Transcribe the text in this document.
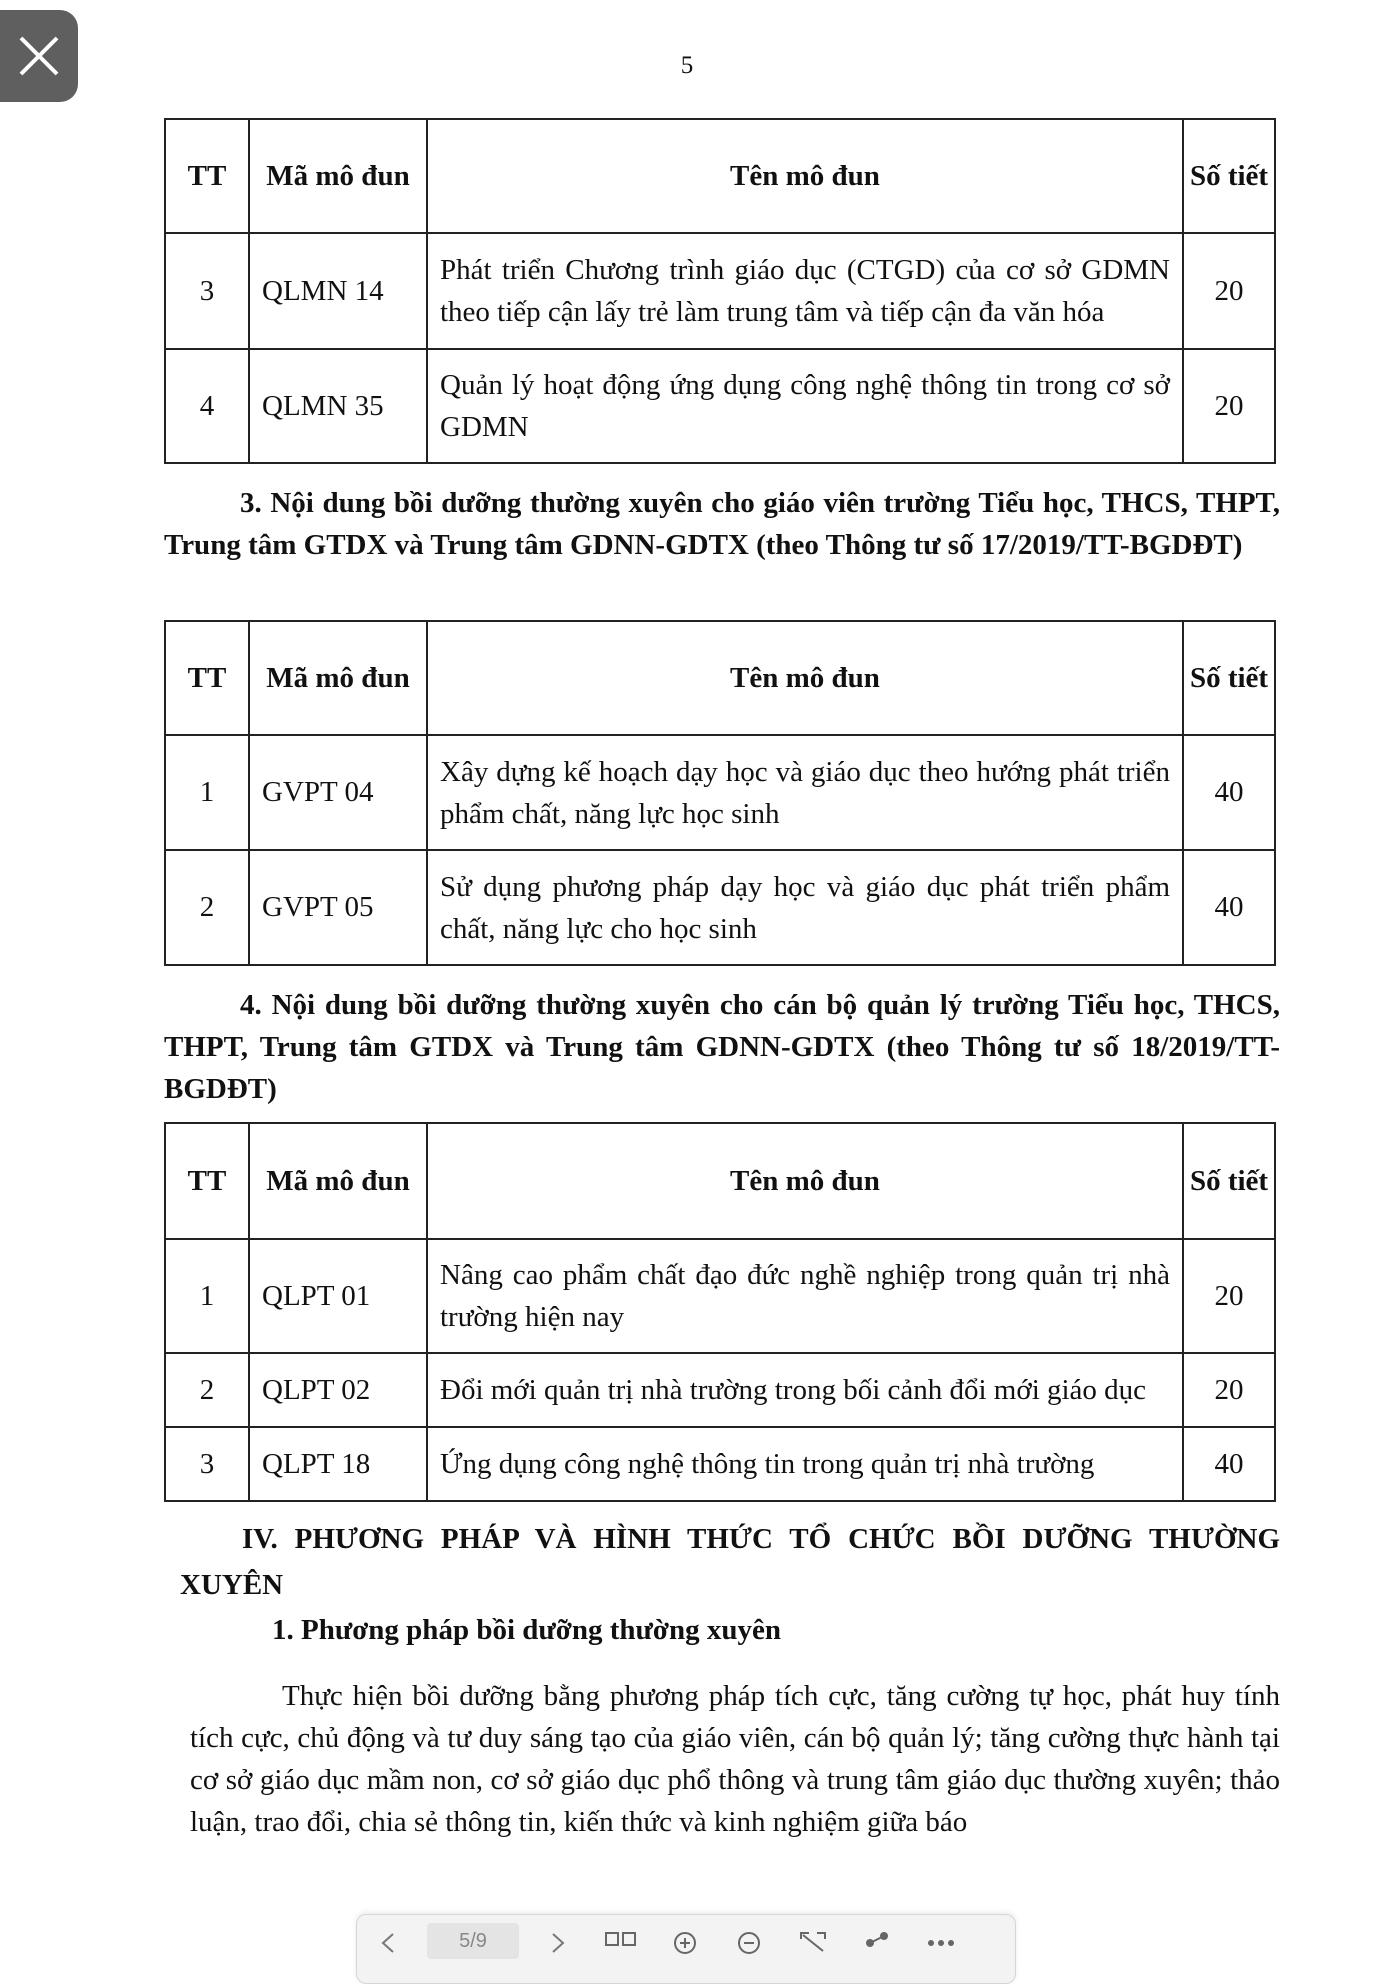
5
TT	Mã mô đun	Tên mô đun	Số tiết
3	QLMN 14	Phát triển Chương trình giáo dục (CTGD) của cơ sở GDMN theo tiếp cận lấy trẻ làm trung tâm và tiếp cận đa văn hóa	20
4	QLMN 35	Quản lý hoạt động ứng dụng công nghệ thông tin trong cơ sở GDMN	20
3. Nội dung bồi dưỡng thường xuyên cho giáo viên trường Tiểu học, THCS, THPT, Trung tâm GTDX và Trung tâm GDNN-GDTX (theo Thông tư số 17/2019/TT-BGDĐT)
TT	Mã mô đun	Tên mô đun	Số tiết
1	GVPT 04	Xây dựng kế hoạch dạy học và giáo dục theo hướng phát triển phẩm chất, năng lực học sinh	40
2	GVPT 05	Sử dụng phương pháp dạy học và giáo dục phát triển phẩm chất, năng lực cho học sinh	40
4. Nội dung bồi dưỡng thường xuyên cho cán bộ quản lý trường Tiểu học, THCS, THPT, Trung tâm GTDX và Trung tâm GDNN-GDTX (theo Thông tư số 18/2019/TT-BGDĐT)
TT	Mã mô đun	Tên mô đun	Số tiết
1	QLPT 01	Nâng cao phẩm chất đạo đức nghề nghiệp trong quản trị nhà trường hiện nay	20
2	QLPT 02	Đổi mới quản trị nhà trường trong bối cảnh đổi mới giáo dục	20
3	QLPT 18	Ứng dụng công nghệ thông tin trong quản trị nhà trường	40
IV. PHƯƠNG PHÁP VÀ HÌNH THỨC TỔ CHỨC BỒI DƯỠNG THƯỜNG XUYÊN
1. Phương pháp bồi dưỡng thường xuyên
Thực hiện bồi dưỡng bằng phương pháp tích cực, tăng cường tự học, phát huy tính tích cực, chủ động và tư duy sáng tạo của giáo viên, cán bộ quản lý; tăng cường thực hành tại cơ sở giáo dục mầm non, cơ sở giáo dục phổ thông và trung tâm giáo dục thường xuyên; thảo luận, trao đổi, chia sẻ thông tin, kiến thức và kinh nghiệm giữa báo
5/9
